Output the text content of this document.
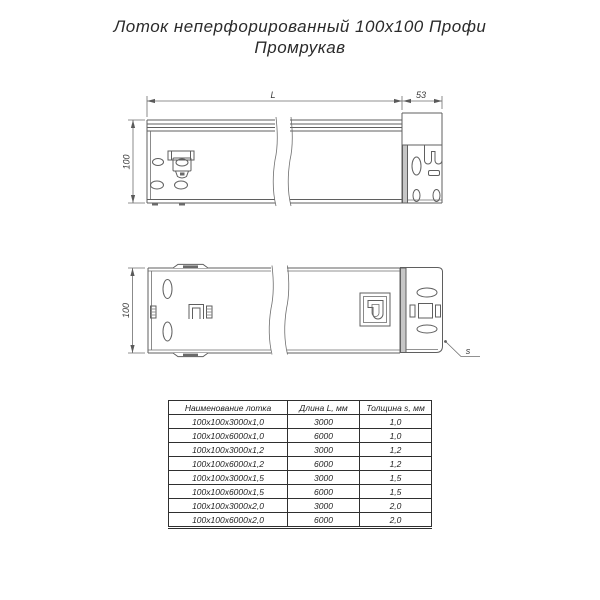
Лоток неперфорированный 100х100 Профи
Промрукав
L	53
100
100
s
Наименование лотка	Длина L, мм	Толщина s, мм
100х100х3000х1,0	3000	1,0
100х100х6000х1,0	6000	1,0
100х100х3000х1,2	3000	1,2
100х100х6000х1,2	6000	1,2
100х100х3000х1,5	3000	1,5
100х100х6000х1,5	6000	1,5
100х100х3000х2,0	3000	2,0
100х100х6000х2,0	6000	2,0
